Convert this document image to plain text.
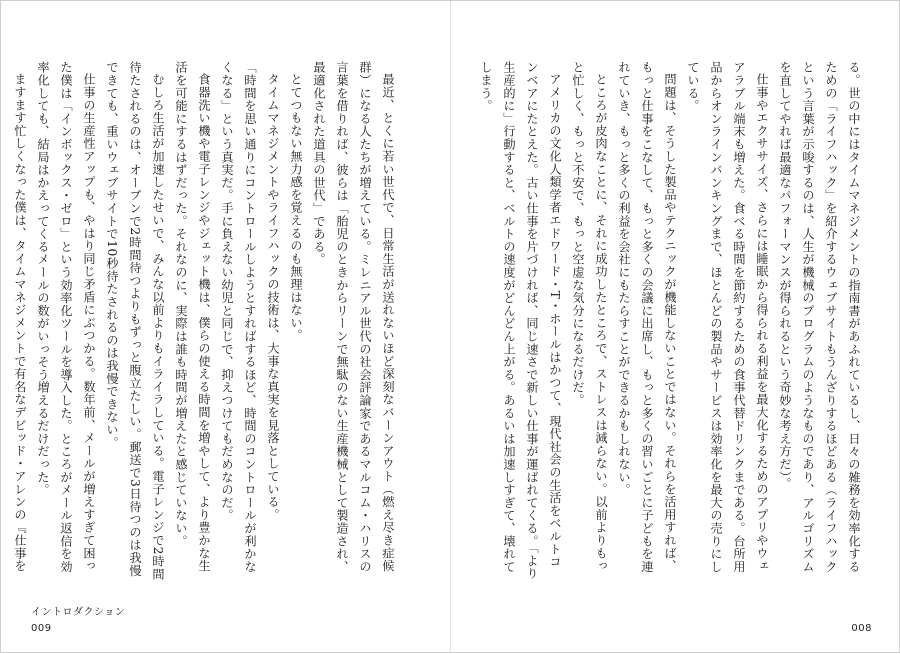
る。世の中にはタイムマネジメントの指南書があふれているし、日々の雑務を効率化するための「ライフハック」を紹介するウェブサイトもうんざりするほどある（ライフハックという言葉が示唆するのは、人生が機械のプログラムのようなものであり、アルゴリズムを直してやれば最適なパフォーマンスが得られるという奇妙な考え方だ）。

仕事やエクササイズ、さらには睡眠から得られる利益を最大化するためのアプリやウェアラブル端末も増えた。食べる時間を節約するための食事代替ドリンクまである。台所用品からオンラインバンキングまで、ほとんどの製品やサービスは効率化を最大の売りにしている。

問題は、そうした製品やテクニックが機能しないことではない。それらを活用すれば、もっと仕事をこなして、もっと多くの会議に出席し、もっと多くの習いごとに子どもを連れていき、もっと多くの利益を会社にもたらすことができるかもしれない。

ところが皮肉なことに、それに成功したところで、ストレスは減らない。以前よりもっと忙しく、もっと不安で、もっと空虚な気分になるだけだ。

アメリカの文化人類学者エドワード・T・ホールはかつて、現代社会の生活をベルトコンベアにたとえた。古い仕事を片づければ、同じ速さで新しい仕事が運ばれてくる。「より生産的に」行動すると、ベルトの速度がどんどん上がる。あるいは加速しすぎて、壊れてしまう。

008

最近、とくに若い世代で、日常生活が送れないほど深刻なバーンアウト（燃え尽き症候群）になる人たちが増えている。ミレニアル世代の社会評論家であるマルコム・ハリスの言葉を借りれば、彼らは「胎児のときからリーンで無駄のない生産機械として製造され、最適化された道具の世代」である。

とてつもない無力感を覚えるのも無理はない。

タイムマネジメントやライフハックの技術は、大事な真実を見落としている。

「時間を思い通りにコントロールしようとすればするほど、時間のコントロールが利かなくなる」という真実だ。手に負えない幼児と同じで、抑えつけてもだめなのだ。

食器洗い機や電子レンジやジェット機は、僕らの使える時間を増やして、より豊かな生活を可能にするはずだった。それなのに、実際は誰も時間が増えたと感じていない。

むしろ生活が加速したせいで、みんな以前よりもイライラしている。電子レンジで2時間待たされるのは、オーブンで2時間待つよりもずっと腹立たしい。郵送で3日待つのは我慢できても、重いウェブサイトで10秒待たされるのは我慢できない。

仕事の生産性アップも、やはり同じ矛盾にぶつかる。数年前、メールが増えすぎて困った僕は「インボックス・ゼロ」という効率化ツールを導入した。ところがメール返信を効率化しても、結局はかえってくるメールの数がいっそう増えるだけだった。

ますます忙しくなった僕は、タイムマネジメントで有名なデビッド・アレンの『仕事を

イントロダクション
009
